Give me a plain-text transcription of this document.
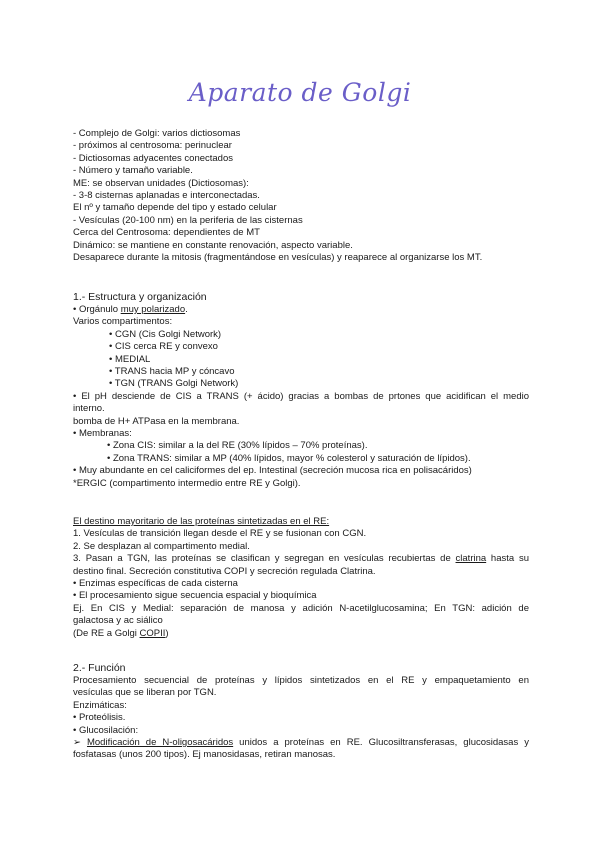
Aparato de Golgi

- Complejo de Golgi: varios dictiosomas

- próximos al centrosoma: perinuclear

- Dictiosomas adyacentes conectados

- Número y tamaño variable.

ME: se observan unidades (Dictiosomas):

- 3-8 cisternas aplanadas e interconectadas.

El nº y tamaño depende del tipo y estado celular

- Vesículas (20-100 nm) en la periferia de las cisternas

Cerca del Centrosoma: dependientes de MT

Dinámico: se mantiene en constante renovación, aspecto variable.

Desaparece durante la mitosis (fragmentándose en vesículas) y reaparece al organizarse los MT.

1.- Estructura y organización

• Orgánulo muy polarizado.

Varios compartimentos:

• CGN (Cis Golgi Network)

• CIS cerca RE y convexo

• MEDIAL

• TRANS hacia MP y cóncavo

• TGN (TRANS Golgi Network)

• El pH desciende de CIS a TRANS (+ ácido) gracias a bombas de prtones que acidifican el medio

interno.

bomba de H+ ATPasa en la membrana.

• Membranas:

• Zona CIS: similar a la del RE (30% lípidos – 70% proteínas).

• Zona TRANS: similar a MP (40% lípidos, mayor % colesterol y saturación de lípidos).

• Muy abundante en cel caliciformes del ep. Intestinal (secreción mucosa rica en polisacáridos)

*ERGIC (compartimento intermedio entre RE y Golgi).

El destino mayoritario de las proteínas sintetizadas en el RE:

1. Vesículas de transición llegan desde el RE y se fusionan con CGN.

2. Se desplazan al compartimento medial.

3. Pasan a TGN, las proteínas se clasifican y segregan en vesículas recubiertas de clatrina hasta su

destino final. Secreción constitutiva COPI y secreción regulada Clatrina.

• Enzimas específicas de cada cisterna

• El procesamiento sigue secuencia espacial y bioquímica

Ej. En CIS y Medial: separación de manosa y adición N-acetilglucosamina; En TGN: adición de

galactosa y ac siálico

(De RE a Golgi COPII)

2.- Función

Procesamiento secuencial de proteínas y lípidos sintetizados en el RE y empaquetamiento en

vesículas que se liberan por TGN.

Enzimáticas:

• Proteólisis.

• Glucosilación:

➢ Modificación de N-oligosacáridos unidos a proteínas en RE. Glucosiltransferasas, glucosidasas y

fosfatasas (unos 200 tipos). Ej manosidasas, retiran manosas.
